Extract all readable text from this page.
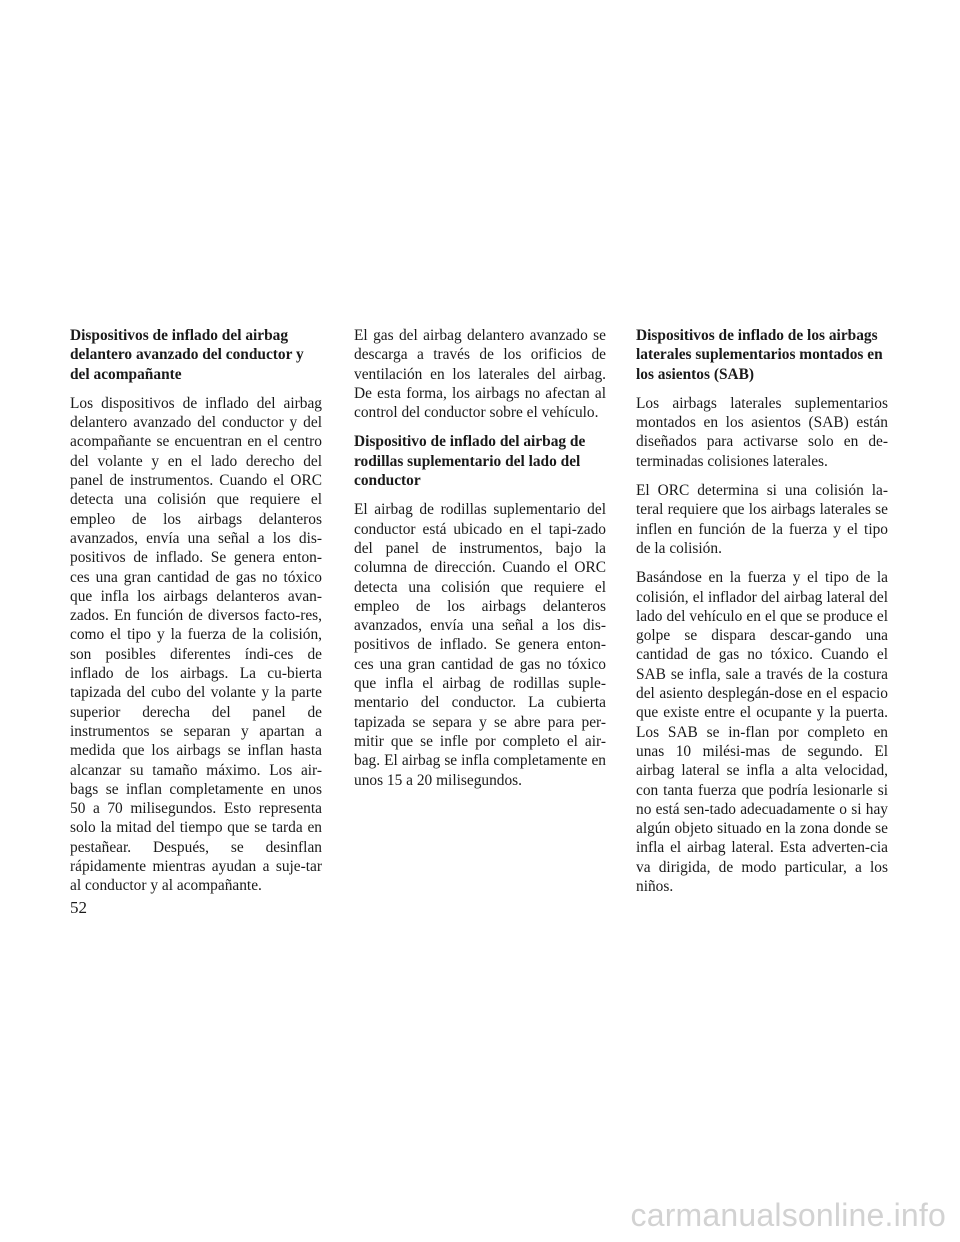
Dispositivos de inflado del airbag delantero avanzado del conductor y del acompañante

Los dispositivos de inflado del airbag delantero avanzado del conductor y del acompañante se encuentran en el centro del volante y en el lado derecho del panel de instrumentos. Cuando el ORC detecta una colisión que requiere el empleo de los airbags delanteros avanzados, envía una señal a los dis-positivos de inflado. Se genera enton-ces una gran cantidad de gas no tóxico que infla los airbags delanteros avan-zados. En función de diversos facto-res, como el tipo y la fuerza de la colisión, son posibles diferentes índi-ces de inflado de los airbags. La cu-bierta tapizada del cubo del volante y la parte superior derecha del panel de instrumentos se separan y apartan a medida que los airbags se inflan hasta alcanzar su tamaño máximo. Los air-bags se inflan completamente en unos 50 a 70 milisegundos. Esto representa solo la mitad del tiempo que se tarda en pestañear. Después, se desinflan rápidamente mientras ayudan a suje-tar al conductor y al acompañante.

El gas del airbag delantero avanzado se descarga a través de los orificios de ventilación en los laterales del airbag. De esta forma, los airbags no afectan al control del conductor sobre el vehículo.

Dispositivo de inflado del airbag de rodillas suplementario del lado del conductor

El airbag de rodillas suplementario del conductor está ubicado en el tapi-zado del panel de instrumentos, bajo la columna de dirección. Cuando el ORC detecta una colisión que requiere el empleo de los airbags delanteros avanzados, envía una señal a los dis-positivos de inflado. Se genera enton-ces una gran cantidad de gas no tóxico que infla el airbag de rodillas suple-mentario del conductor. La cubierta tapizada se separa y se abre para per-mitir que se infle por completo el air-bag. El airbag se infla completamente en unos 15 a 20 milisegundos.

Dispositivos de inflado de los airbags laterales suplementarios montados en los asientos (SAB)

Los airbags laterales suplementarios montados en los asientos (SAB) están diseñados para activarse solo en de-terminadas colisiones laterales.

El ORC determina si una colisión la-teral requiere que los airbags laterales se inflen en función de la fuerza y el tipo de la colisión.

Basándose en la fuerza y el tipo de la colisión, el inflador del airbag lateral del lado del vehículo en el que se produce el golpe se dispara descar-gando una cantidad de gas no tóxico. Cuando el SAB se infla, sale a través de la costura del asiento desplegán-dose en el espacio que existe entre el ocupante y la puerta. Los SAB se in-flan por completo en unas 10 milési-mas de segundo. El airbag lateral se infla a alta velocidad, con tanta fuerza que podría lesionarle si no está sen-tado adecuadamente o si hay algún objeto situado en la zona donde se infla el airbag lateral. Esta adverten-cia va dirigida, de modo particular, a los niños.

52
carmanualsonline.info
